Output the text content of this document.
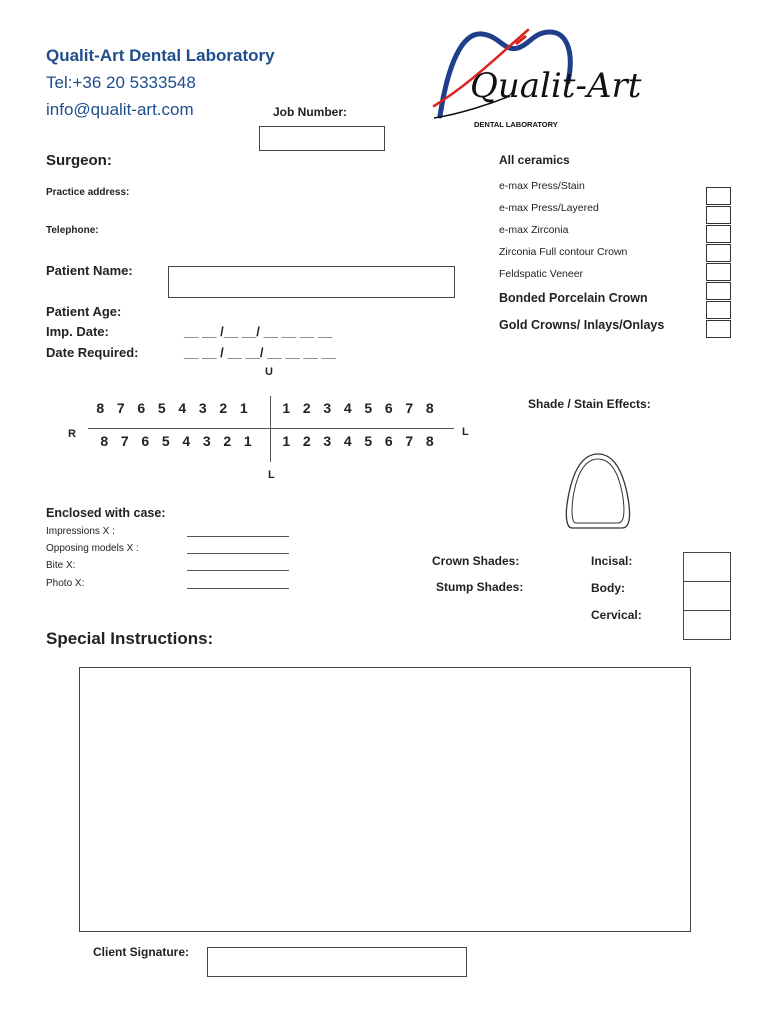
Qualit-Art Dental Laboratory
Tel:+36 20 5333548
info@qualit-art.com	Job Number:
Qualit-Art
DENTAL LABORATORY
Surgeon:
Practice address:
Telephone:
Patient Name:
Patient Age:
Imp. Date:	__ __ /__ __/ __ __ __ __
Date Required:	__ __ / __ __/ __ __ __ __
All ceramics
e-max Press/Stain
e-max Press/Layered
e-max Zirconia
Zirconia Full contour Crown
Feldspatic Veneer
Bonded Porcelain Crown
Gold Crowns/ Inlays/Onlays
U
R	L
L
8 7 6 5 4 3 2 1	1 2 3 4 5 6 7 8
8 7 6 5 4 3 2 1	1 2 3 4 5 6 7 8
Shade / Stain Effects:
Crown Shades:
Stump Shades:
Incisal:
Body:
Cervical:
Enclosed with case:
Impressions X :
Opposing models X :
Bite X:
Photo X:
Special Instructions:
Client Signature:
